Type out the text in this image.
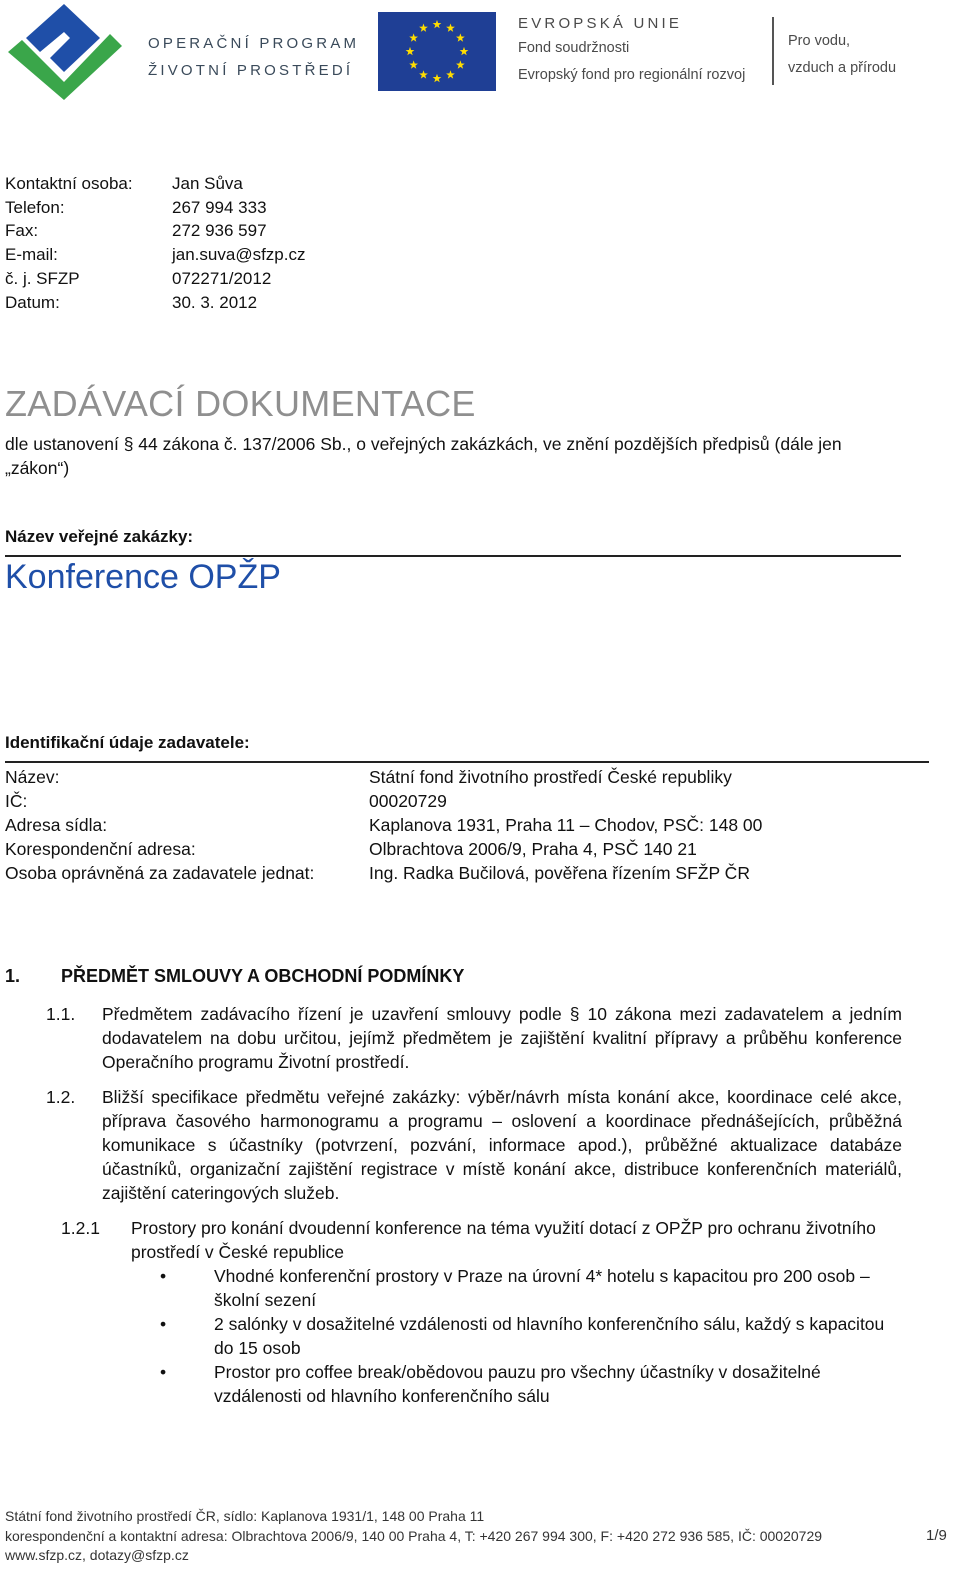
OPERAČNÍ PROGRAM
ŽIVOTNÍ PROSTŘEDÍ
EVROPSKÁ UNIE
Fond soudržnosti
Evropský fond pro regionální rozvoj
Pro vodu,
vzduch a přírodu
Kontaktní osoba:	Jan Sůva
Telefon:	267 994 333
Fax:	272 936 597
E-mail:	jan.suva@sfzp.cz
č. j. SFZP	072271/2012
Datum:	30. 3. 2012
ZADÁVACÍ DOKUMENTACE
dle ustanovení § 44 zákona č. 137/2006 Sb., o veřejných zakázkách, ve znění pozdějších předpisů (dále jen „zákon“)
Název veřejné zakázky:
Konference OPŽP
Identifikační údaje zadavatele:
Název:	Státní fond životního prostředí České republiky
IČ:	00020729
Adresa sídla:	Kaplanova 1931, Praha 11 – Chodov, PSČ: 148 00
Korespondenční adresa:	Olbrachtova 2006/9, Praha 4, PSČ 140 21
Osoba oprávněná za zadavatele jednat:	Ing. Radka Bučilová, pověřena řízením SFŽP ČR
1. PŘEDMĚT SMLOUVY A OBCHODNÍ PODMÍNKY
1.1. Předmětem zadávacího řízení je uzavření smlouvy podle § 10 zákona mezi zadavatelem a jedním dodavatelem na dobu určitou, jejímž předmětem je zajištění kvalitní přípravy a průběhu konference Operačního programu Životní prostředí.
1.2. Bližší specifikace předmětu veřejné zakázky: výběr/návrh místa konání akce, koordinace celé akce, příprava časového harmonogramu a programu – oslovení a koordinace přednášejících, průběžná komunikace s účastníky (potvrzení, pozvání, informace apod.), průběžné aktualizace databáze účastníků, organizační zajištění registrace v místě konání akce, distribuce konferenčních materiálů, zajištění cateringových služeb.
1.2.1 Prostory pro konání dvoudenní konference na téma využití dotací z OPŽP pro ochranu životního prostředí v České republice
•	Vhodné konferenční prostory v Praze na úrovní 4* hotelu s kapacitou pro 200 osob – školní sezení
•	2 salónky v dosažitelné vzdálenosti od hlavního konferenčního sálu, každý s kapacitou do 15 osob
•	Prostor pro coffee break/obědovou pauzu pro všechny účastníky v dosažitelné vzdálenosti od hlavního konferenčního sálu
Státní fond životního prostředí ČR, sídlo: Kaplanova 1931/1, 148 00 Praha 11
korespondenční a kontaktní adresa: Olbrachtova 2006/9, 140 00 Praha 4, T: +420 267 994 300, F: +420 272 936 585, IČ: 00020729
www.sfzp.cz, dotazy@sfzp.cz
1/9
